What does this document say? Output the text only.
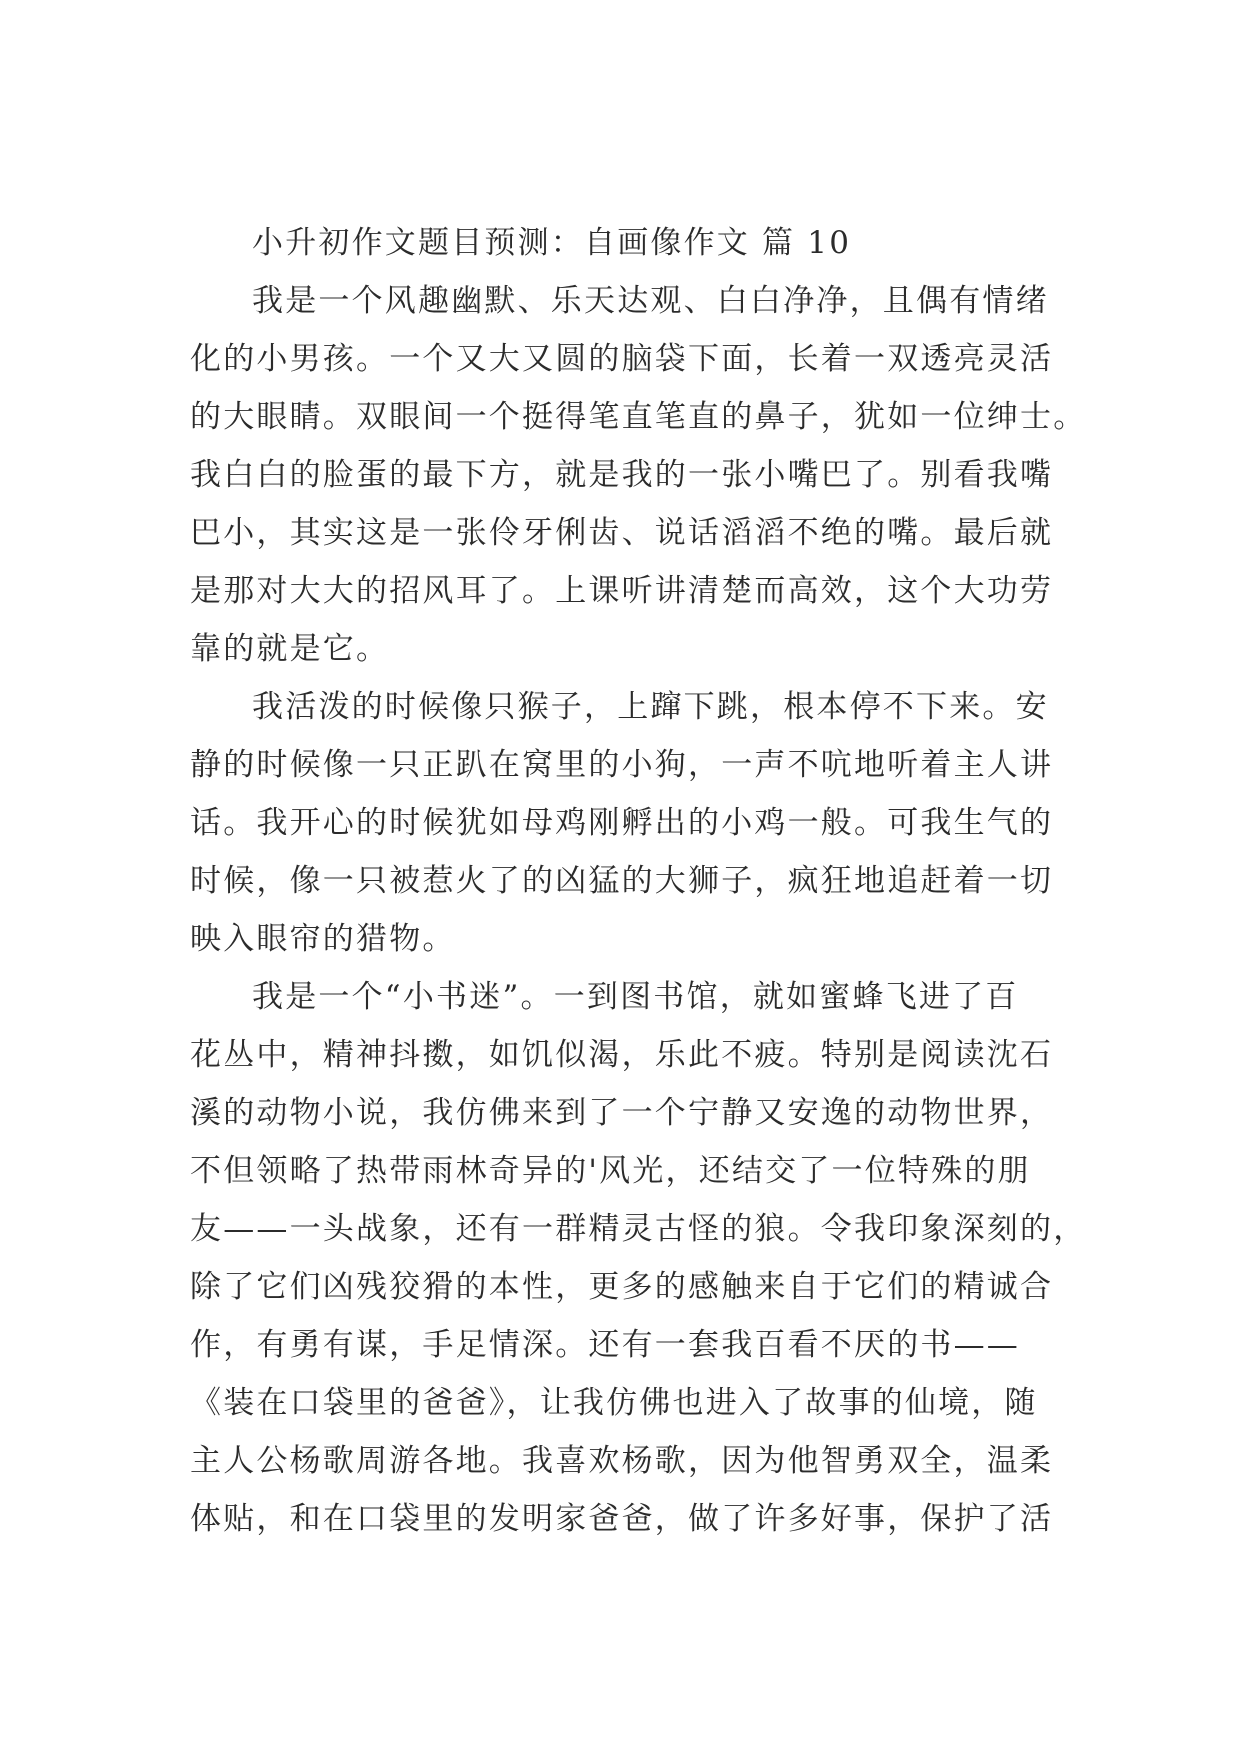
小升初作文题目预测：自画像作文 篇 10
我是一个风趣幽默、乐天达观、白白净净，且偶有情绪
化的小男孩。一个又大又圆的脑袋下面，长着一双透亮灵活
的大眼睛。双眼间一个挺得笔直笔直的鼻子，犹如一位绅士。
我白白的脸蛋的最下方，就是我的一张小嘴巴了。别看我嘴
巴小，其实这是一张伶牙俐齿、说话滔滔不绝的嘴。最后就
是那对大大的招风耳了。上课听讲清楚而高效，这个大功劳
靠的就是它。
我活泼的时候像只猴子，上蹿下跳，根本停不下来。安
静的时候像一只正趴在窝里的小狗，一声不吭地听着主人讲
话。我开心的时候犹如母鸡刚孵出的小鸡一般。可我生气的
时候，像一只被惹火了的凶猛的大狮子，疯狂地追赶着一切
映入眼帘的猎物。
我是一个“小书迷”。一到图书馆，就如蜜蜂飞进了百
花丛中，精神抖擞，如饥似渴，乐此不疲。特别是阅读沈石
溪的动物小说，我仿佛来到了一个宁静又安逸的动物世界，
不但领略了热带雨林奇异的'风光，还结交了一位特殊的朋
友——一头战象，还有一群精灵古怪的狼。令我印象深刻的，
除了它们凶残狡猾的本性，更多的感触来自于它们的精诚合
作，有勇有谋，手足情深。还有一套我百看不厌的书——
《装在口袋里的爸爸》，让我仿佛也进入了故事的仙境，随
主人公杨歌周游各地。我喜欢杨歌，因为他智勇双全，温柔
体贴，和在口袋里的发明家爸爸，做了许多好事，保护了活
